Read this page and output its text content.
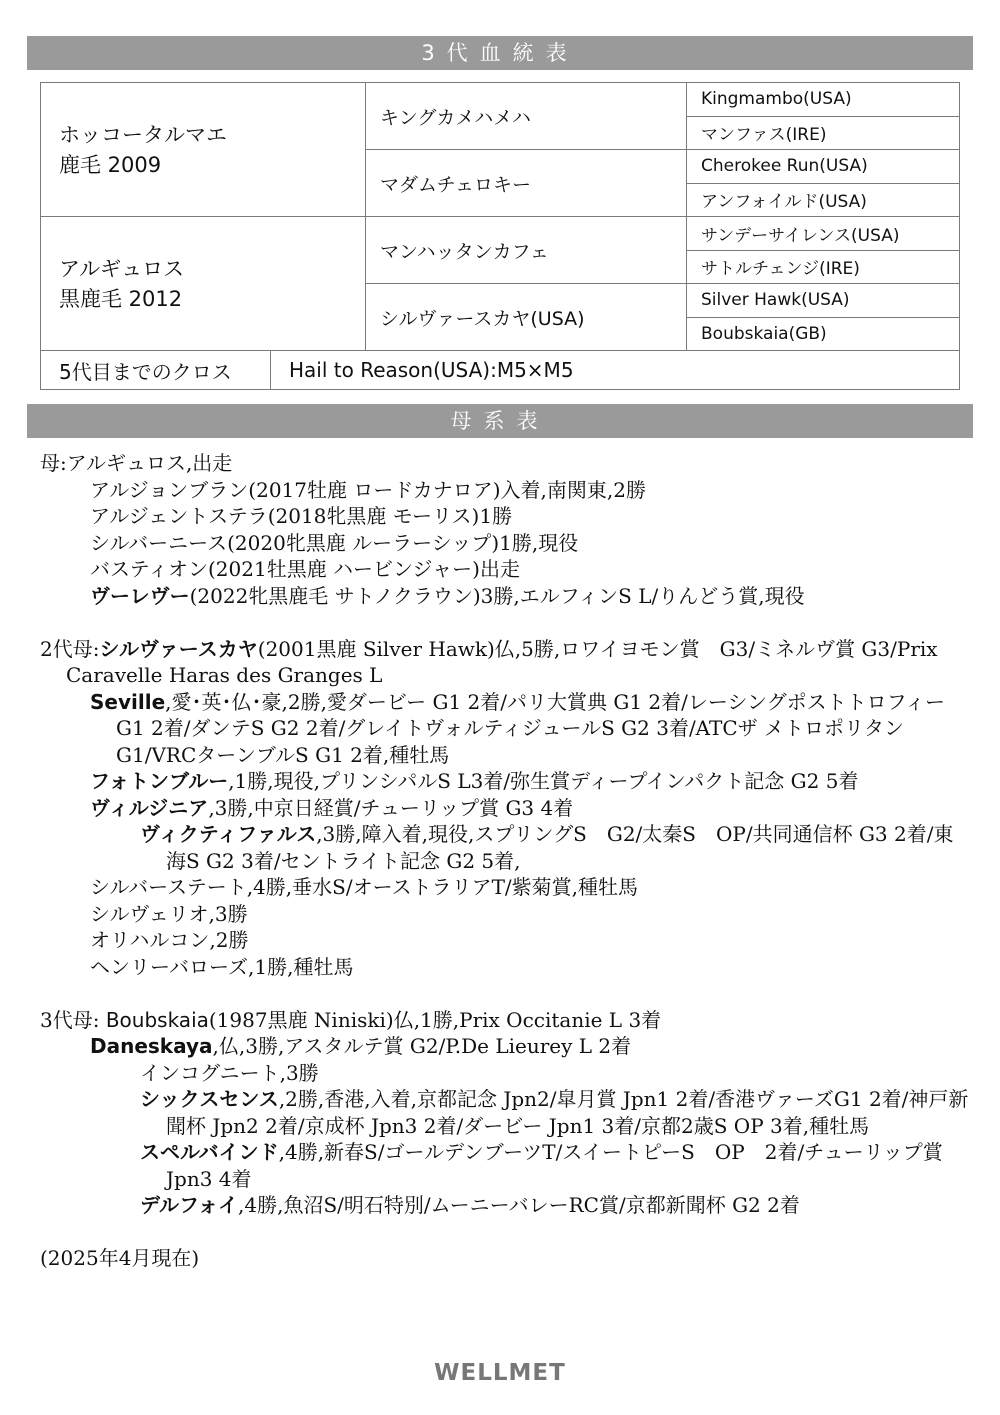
3代血統表
ホッコータルマエ
鹿毛 2009	キングカメハメハ	Kingmambo(USA)
		マンファス(IRE)
	マダムチェロキー	Cherokee Run(USA)
		アンフォイルド(USA)

アルギュロス
黒鹿毛 2012	マンハッタンカフェ	サンデーサイレンス(USA)
		サトルチェンジ(IRE)
	シルヴァースカヤ(USA)	Silver Hawk(USA)
		Boubskaia(GB)
5代目までのクロス	Hail to Reason(USA):M5×M5
母系表
母:アルギュロス,出走
アルジョンブラン(2017牡鹿 ロードカナロア)入着,南関東,2勝
アルジェントステラ(2018牝黒鹿 モーリス)1勝
シルバーニース(2020牝黒鹿 ルーラーシップ)1勝,現役
バスティオン(2021牡黒鹿 ハービンジャー)出走
ヴーレヴー(2022牝黒鹿毛 サトノクラウン)3勝,エルフィンS L/りんどう賞,現役
2代母:シルヴァースカヤ(2001黒鹿 Silver Hawk)仏,5勝,ロワイヨモン賞　G3/ミネルヴ賞 G3/Prix Caravelle Haras des Granges L
Seville,愛･英･仏･豪,2勝,愛ダービー G1 2着/パリ大賞典 G1 2着/レーシングポストトロフィー G1 2着/ダンテS G2 2着/グレイトヴォルティジュールS G2 3着/ATCザ メトロポリタン G1/VRCターンブルS G1 2着,種牡馬
フォトンブルー,1勝,現役,プリンシパルS L3着/弥生賞ディープインパクト記念 G2 5着
ヴィルジニア,3勝,中京日経賞/チューリップ賞 G3 4着
ヴィクティファルス,3勝,障入着,現役,スプリングS　G2/太秦S　OP/共同通信杯 G3 2着/東海S G2 3着/セントライト記念 G2 5着,
シルバーステート,4勝,垂水S/オーストラリアT/紫菊賞,種牡馬
シルヴェリオ,3勝
オリハルコン,2勝
ヘンリーバローズ,1勝,種牡馬
3代母: Boubskaia(1987黒鹿 Niniski)仏,1勝,Prix Occitanie L 3着
Daneskaya,仏,3勝,アスタルテ賞 G2/P.De Lieurey L 2着
インコグニート,3勝
シックスセンス,2勝,香港,入着,京都記念 Jpn2/皐月賞 Jpn1 2着/香港ヴァーズG1 2着/神戸新聞杯 Jpn2 2着/京成杯 Jpn3 2着/ダービー Jpn1 3着/京都2歳S OP 3着,種牡馬
スペルバインド,4勝,新春S/ゴールデンブーツT/スイートピーS　OP　2着/チューリップ賞 Jpn3 4着
デルフォイ,4勝,魚沼S/明石特別/ムーニーバレーRC賞/京都新聞杯 G2 2着
(2025年4月現在)
WELLMET
